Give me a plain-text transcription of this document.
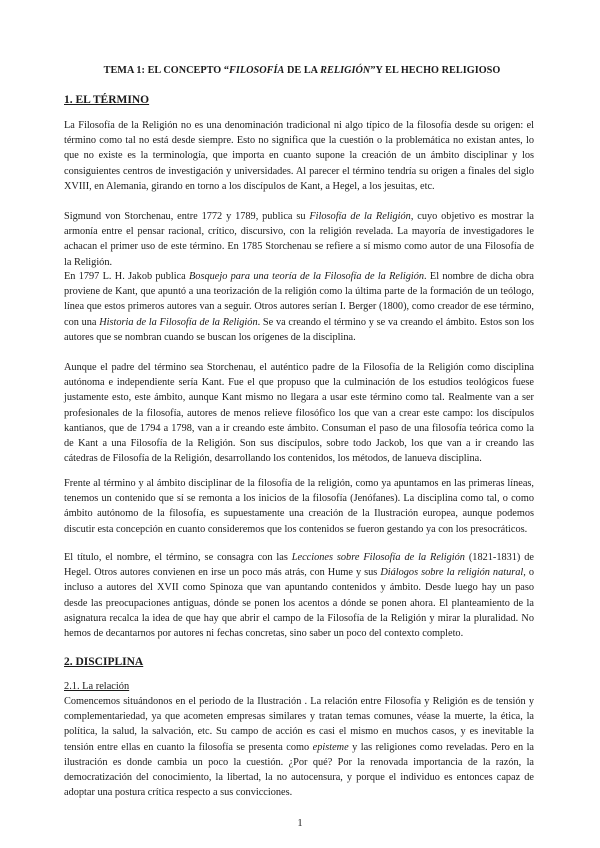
TEMA 1: EL CONCEPTO “FILOSOFÍA DE LA RELIGIÓN”Y EL HECHO RELIGIOSO
1. EL TÉRMINO
La Filosofía de la Religión no es una denominación tradicional ni algo típico de la filosofía desde su origen: el término como tal no está desde siempre. Esto no significa que la cuestión o la problemática no existan antes, lo que no existe es la terminología, que importa en cuanto supone la creación de un ámbito disciplinar y los consiguientes centros de investigación y universidades. Al parecer el término tendría su origen a finales del siglo XVIII, en Alemania, girando en torno a los discípulos de Kant, a Hegel, a los jesuitas, etc.
Sigmund von Storchenau, entre 1772 y 1789, publica su Filosofía de la Religión, cuyo objetivo es mostrar la armonía entre el pensar racional, crítico, discursivo, con la religión revelada. La mayoría de investigadores le achacan el primer uso de este término. En 1785 Storchenau se refiere a sí mismo como autor de una Filosofía de la Religión.
En 1797 L. H. Jakob publica Bosquejo para una teoría de la Filosofía de la Religión. El nombre de dicha obra proviene de Kant, que apuntó a una teorización de la religión como la última parte de la formación de un teólogo, línea que estos primeros autores van a seguir. Otros autores serían I. Berger (1800), como creador de ese término, con una Historia de la Filosofía de la Religión. Se va creando el término y se va creando el ámbito. Estos son los autores que se nombran cuando se buscan los orígenes de la disciplina.
Aunque el padre del término sea Storchenau, el auténtico padre de la Filosofía de la Religión como disciplina autónoma e independiente sería Kant. Fue el que propuso que la culminación de los estudios teológicos fuese justamente esto, este ámbito, aunque Kant mismo no llegara a usar este término como tal. Realmente van a ser profesionales de la filosofía, autores de menos relieve filosófico los que van a crear este campo: los discípulos kantianos, que de 1794 a 1798, van a ir creando este ámbito. Consuman el paso de una filosofía teórica como la de Kant a una Filosofía de la Religión. Son sus discípulos, sobre todo Jackob, los que van a ir creando las cátedras de Filosofía de la Religión, desarrollando los contenidos, los métodos, de lanueva disciplina.
Frente al término y al ámbito disciplinar de la filosofía de la religión, como ya apuntamos en las primeras líneas, tenemos un contenido que sí se remonta a los inicios de la filosofía (Jenófanes). La disciplina como tal, o como ámbito autónomo de la filosofía, es supuestamente una creación de la Ilustración europea, aunque podemos discutir esta concepción en cuanto consideremos que los contenidos se fueron gestando ya con los presocráticos.
El título, el nombre, el término, se consagra con las Lecciones sobre Filosofía de la Religión (1821-1831) de Hegel. Otros autores convienen en irse un poco más atrás, con Hume y sus Diálogos sobre la religión natural, o incluso a autores del XVII como Spinoza que van apuntando contenidos y ámbito. Desde luego hay un paso desde las preocupaciones antiguas, dónde se ponen los acentos a dónde se ponen ahora. El planteamiento de la asignatura recalca la idea de que hay que abrir el campo de la Filosofía de la Religión y mirar la pluralidad. No hemos de decantarnos por autores ni fechas concretas, sino saber un poco del contexto completo.
2. DISCIPLINA
2.1. La relación
Comencemos situándonos en el periodo de la Ilustración . La relación entre Filosofía y Religión es de tensión y complementariedad, ya que acometen empresas similares y tratan temas comunes, véase la muerte, la ética, la política, la salud, la salvación, etc. Su campo de acción es casi el mismo en muchos casos, y es inevitable la tensión entre ellas en cuanto la filosofía se presenta como episteme y las religiones como reveladas. Pero en la ilustración es donde cambia un poco la cuestión. ¿Por qué? Por la renovada importancia de la razón, la democratización del conocimiento, la libertad, la no autocensura, y porque el individuo es entonces capaz de adoptar una postura crítica respecto a sus convicciones.
1
